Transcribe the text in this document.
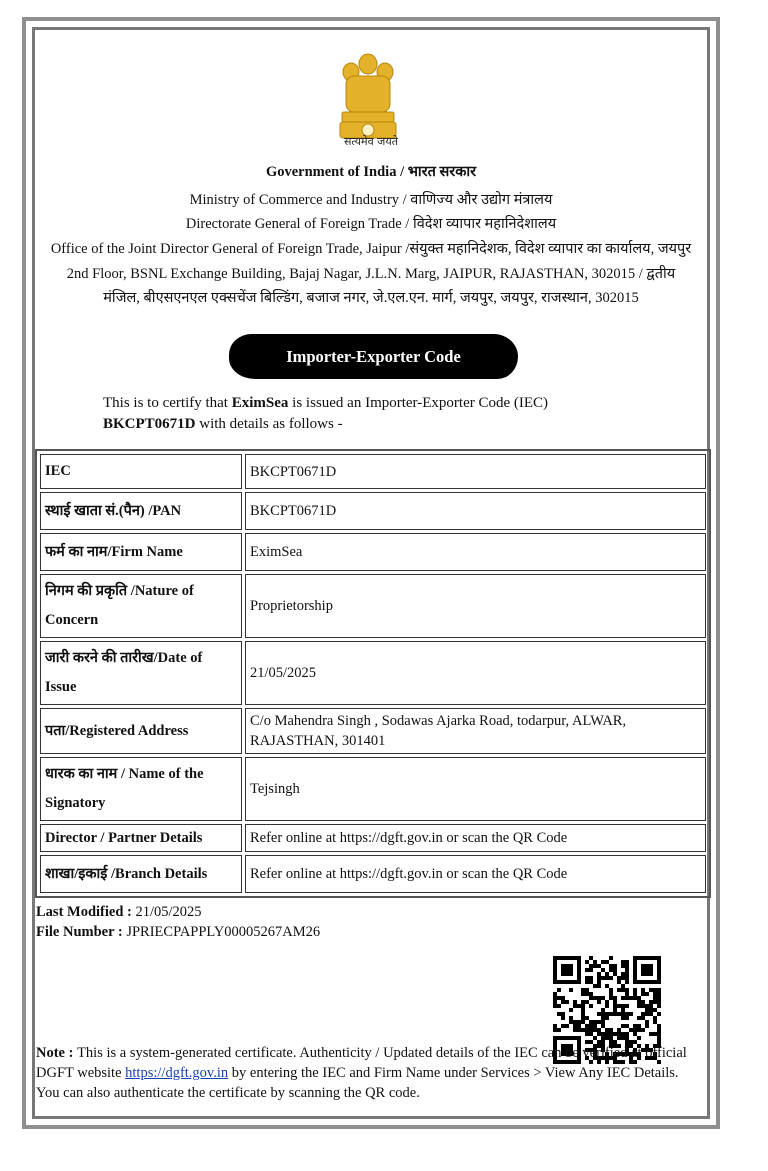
सत्यमेव जयते
Government of India / भारत सरकार
Ministry of Commerce and Industry / वाणिज्य और उद्योग मंत्रालय
Directorate General of Foreign Trade / विदेश व्यापार महानिदेशालय
Office of the Joint Director General of Foreign Trade, Jaipur /संयुक्त महानिदेशक, विदेश व्यापार का कार्यालय, जयपुर
2nd Floor, BSNL Exchange Building, Bajaj Nagar, J.L.N. Marg, JAIPUR, RAJASTHAN, 302015 / द्वतीय
मंजिल, बीएसएनएल एक्सचेंज बिल्डिंग, बजाज नगर, जे.एल.एन. मार्ग, जयपुर, जयपुर, राजस्थान, 302015
Importer-Exporter Code
This is to certify that EximSea is issued an Importer-Exporter Code (IEC)
BKCPT0671D with details as follows -
IEC	BKCPT0671D
स्थाई खाता सं.(पैन) /PAN	BKCPT0671D
फर्म का नाम/Firm Name	EximSea
निगम की प्रकृति /Nature of Concern	Proprietorship
जारी करने की तारीख/Date of Issue	21/05/2025
पता/Registered Address	C/o Mahendra Singh , Sodawas Ajarka Road, todarpur, ALWAR, RAJASTHAN, 301401
धारक का नाम / Name of the Signatory	Tejsingh
Director / Partner Details	Refer online at https://dgft.gov.in or scan the QR Code
शाखा/इकाई /Branch Details	Refer online at https://dgft.gov.in or scan the QR Code
Last Modified : 21/05/2025
File Number : JPRIECPAPPLY00005267AM26
Note : This is a system-generated certificate. Authenticity / Updated details of the IEC can be verified at official DGFT website https://dgft.gov.in by entering the IEC and Firm Name under Services > View Any IEC Details. You can also authenticate the certificate by scanning the QR code.
